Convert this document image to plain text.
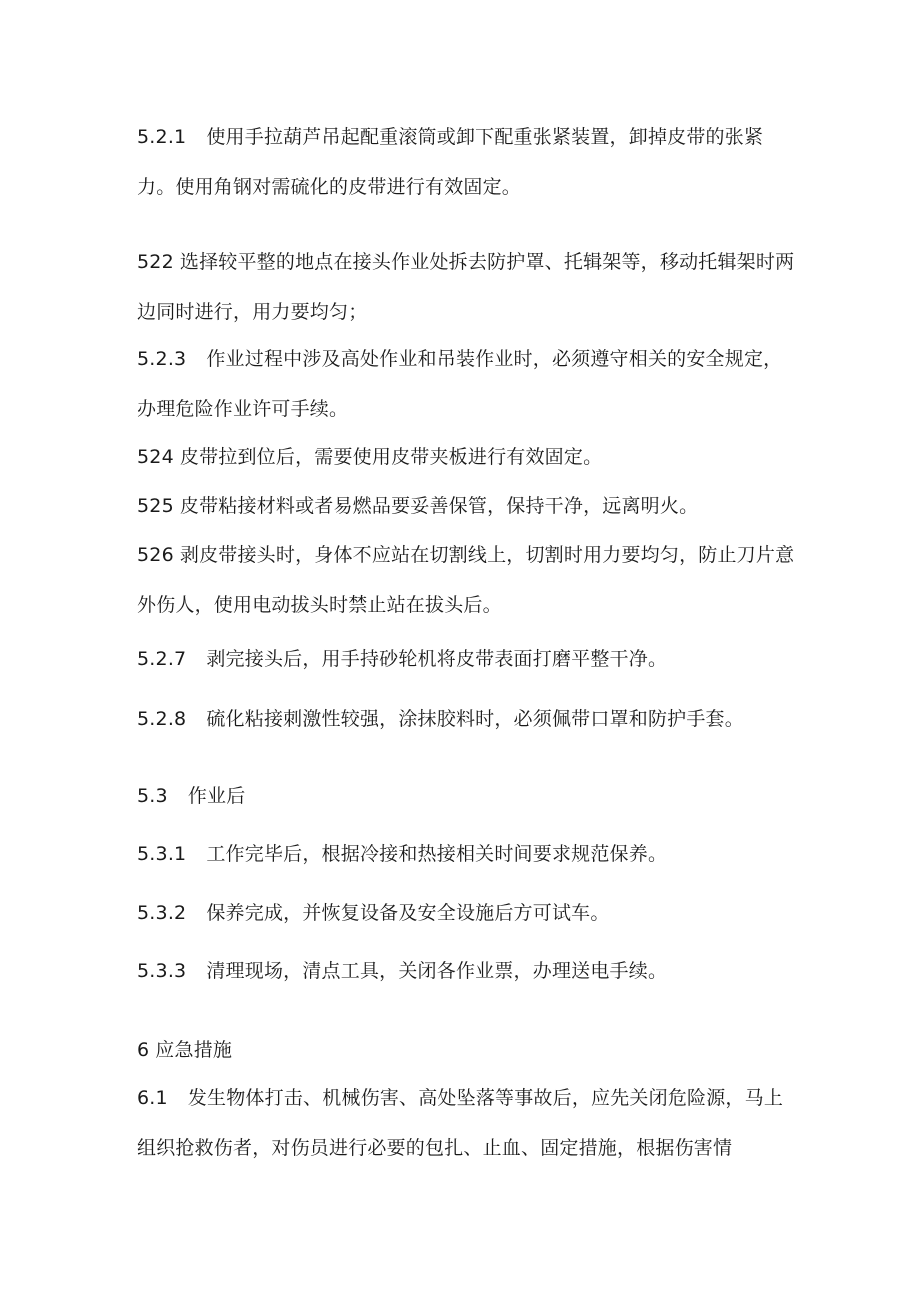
5.2.1 使用手拉葫芦吊起配重滚筒或卸下配重张紧装置，卸掉皮带的张紧力。使用角钢对需硫化的皮带进行有效固定。

522 选择较平整的地点在接头作业处拆去防护罩、托辑架等，移动托辑架时两边同时进行，用力要均匀；

5.2.3 作业过程中涉及高处作业和吊装作业时，必须遵守相关的安全规定，办理危险作业许可手续。

524 皮带拉到位后，需要使用皮带夹板进行有效固定。

525 皮带粘接材料或者易燃品要妥善保管，保持干净，远离明火。

526 剥皮带接头时，身体不应站在切割线上，切割时用力要均匀，防止刀片意外伤人，使用电动拔头时禁止站在拔头后。

5.2.7 剥完接头后，用手持砂轮机将皮带表面打磨平整干净。

5.2.8 硫化粘接刺激性较强，涂抹胶料时，必须佩带口罩和防护手套。

5.3 作业后

5.3.1 工作完毕后，根据冷接和热接相关时间要求规范保养。

5.3.2 保养完成，并恢复设备及安全设施后方可试车。

5.3.3 清理现场，清点工具，关闭各作业票，办理送电手续。

6 应急措施

6.1 发生物体打击、机械伤害、高处坠落等事故后，应先关闭危险源，马上组织抢救伤者，对伤员进行必要的包扎、止血、固定措施，根据伤害情
